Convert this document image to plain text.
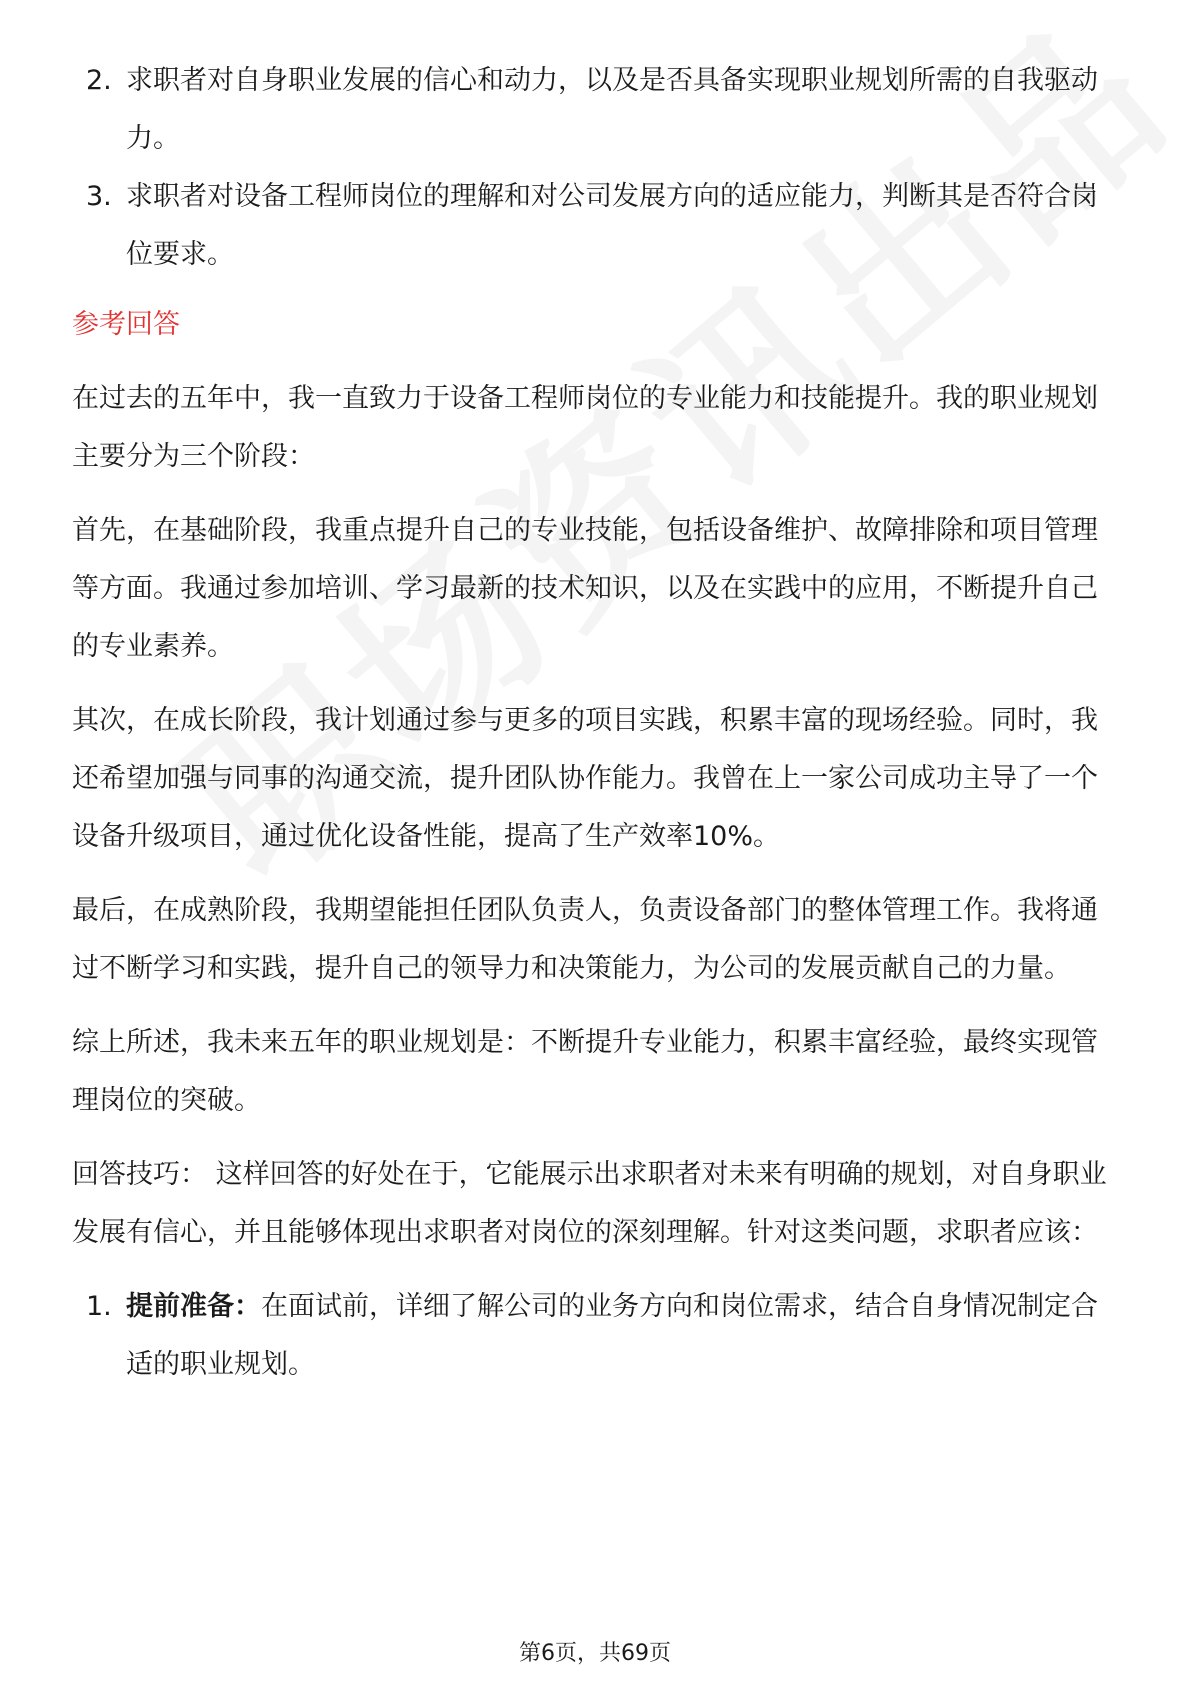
2. 求职者对自身职业发展的信心和动力，以及是否具备实现职业规划所需的自我驱动力。
3. 求职者对设备工程师岗位的理解和对公司发展方向的适应能力，判断其是否符合岗位要求。

参考回答

在过去的五年中，我一直致力于设备工程师岗位的专业能力和技能提升。我的职业规划主要分为三个阶段：

首先，在基础阶段，我重点提升自己的专业技能，包括设备维护、故障排除和项目管理等方面。我通过参加培训、学习最新的技术知识，以及在实践中的应用，不断提升自己的专业素养。

其次，在成长阶段，我计划通过参与更多的项目实践，积累丰富的现场经验。同时，我还希望加强与同事的沟通交流，提升团队协作能力。我曾在上一家公司成功主导了一个设备升级项目，通过优化设备性能，提高了生产效率10%。

最后，在成熟阶段，我期望能担任团队负责人，负责设备部门的整体管理工作。我将通过不断学习和实践，提升自己的领导力和决策能力，为公司的发展贡献自己的力量。

综上所述，我未来五年的职业规划是：不断提升专业能力，积累丰富经验，最终实现管理岗位的突破。

回答技巧： 这样回答的好处在于，它能展示出求职者对未来有明确的规划，对自身职业发展有信心，并且能够体现出求职者对岗位的深刻理解。针对这类问题，求职者应该：

1. 提前准备：在面试前，详细了解公司的业务方向和岗位需求，结合自身情况制定合适的职业规划。
第6页，共69页
